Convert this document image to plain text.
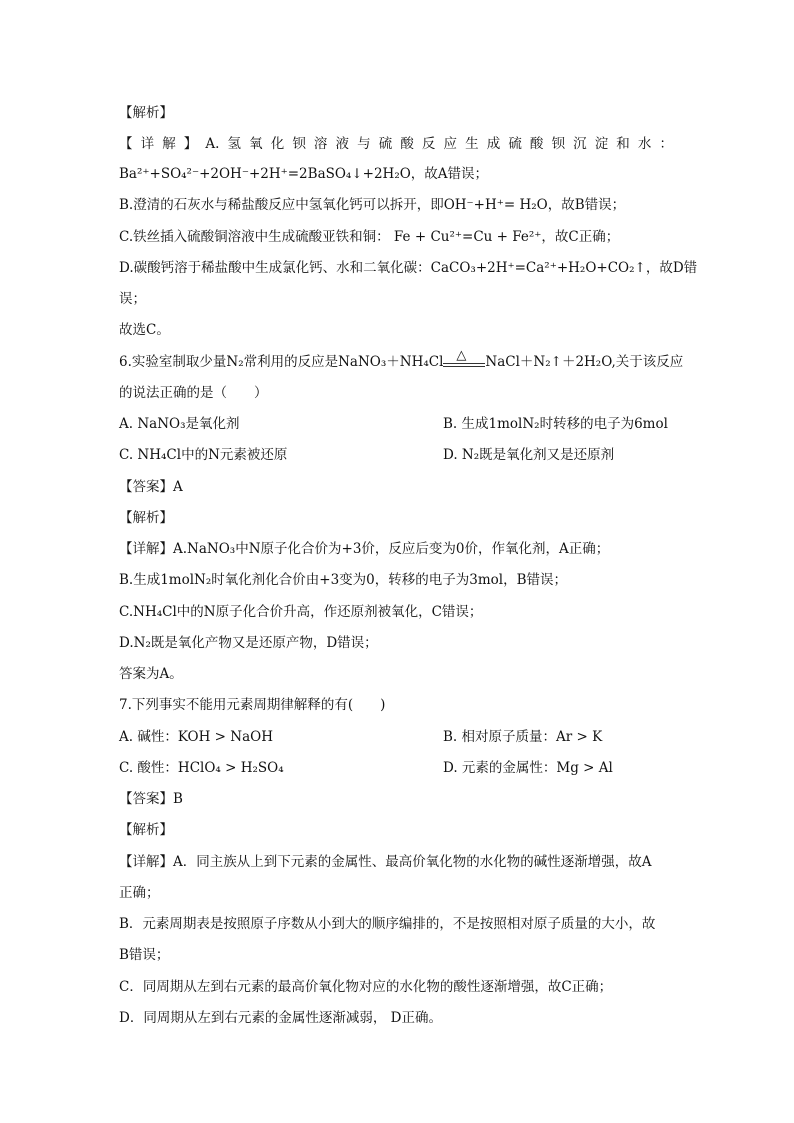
【解析】
【详解】A.氢氧化钡溶液与硫酸反应生成硫酸钡沉淀和水：
Ba²⁺+SO₄²⁻+2OH⁻+2H⁺=2BaSO₄↓+2H₂O，故A错误；
B.澄清的石灰水与稀盐酸反应中氢氧化钙可以拆开，即OH⁻+H⁺= H₂O，故B错误；
C.铁丝插入硫酸铜溶液中生成硫酸亚铁和铜： Fe + Cu²⁺=Cu + Fe²⁺，故C正确；
D.碳酸钙溶于稀盐酸中生成氯化钙、水和二氧化碳：CaCO₃+2H⁺=Ca²⁺+H₂O+CO₂↑，故D错
误；
故选C。
6.实验室制取少量N₂常利用的反应是NaNO₃＋NH₄Cl △ NaCl＋N₂↑＋2H₂O,关于该反应
的说法正确的是（　　）
A. NaNO₃是氧化剂	B. 生成1molN₂时转移的电子为6mol
C. NH₄Cl中的N元素被还原	D. N₂既是氧化剂又是还原剂
【答案】A
【解析】
【详解】A.NaNO₃中N原子化合价为+3价，反应后变为0价，作氧化剂，A正确；
B.生成1molN₂时氧化剂化合价由+3变为0，转移的电子为3mol，B错误；
C.NH₄Cl中的N原子化合价升高，作还原剂被氧化，C错误；
D.N₂既是氧化产物又是还原产物，D错误；
答案为A。
7.下列事实不能用元素周期律解释的有(　　)
A. 碱性：KOH > NaOH	B. 相对原子质量：Ar > K
C. 酸性：HClO₄ > H₂SO₄	D. 元素的金属性：Mg > Al
【答案】B
【解析】
【详解】A．同主族从上到下元素的金属性、最高价氧化物的水化物的碱性逐渐增强，故A
正确；
B．元素周期表是按照原子序数从小到大的顺序编排的，不是按照相对原子质量的大小，故
B错误；
C．同周期从左到右元素的最高价氧化物对应的水化物的酸性逐渐增强，故C正确；
D．同周期从左到右元素的金属性逐渐减弱， D正确。
